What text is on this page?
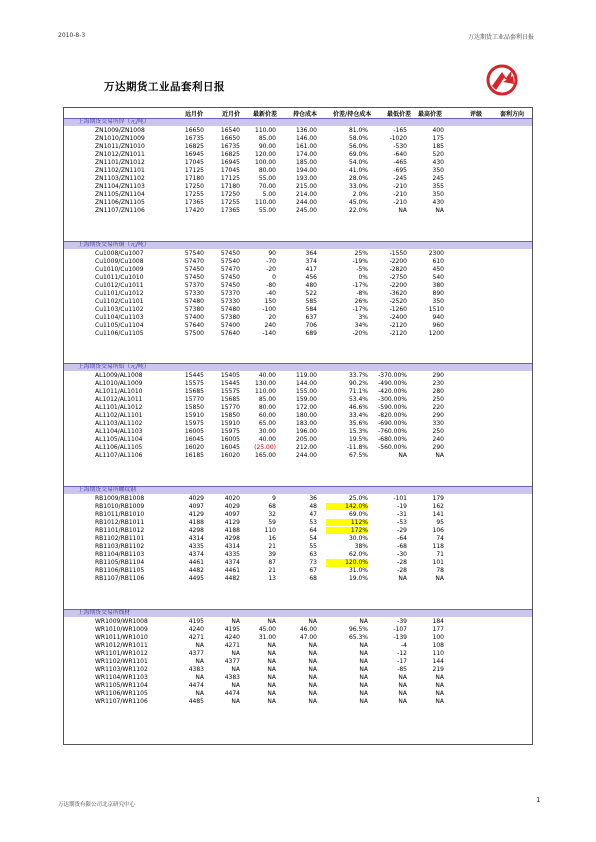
2010-8-3	万达期货工业品套利日报
万达期货工业品套利日报
远月价	近月价 最新价差	持仓成本	价差/持仓成本	最低价差 最高价差	评级	套利方向
上海期货交易所锌（元/吨）
ZN1009/ZN1008	16650	16540	110.00	136.00	81.0%	-165	400
ZN1010/ZN1009	16735	16650	85.00	146.00	58.0%	-1020	175
ZN1011/ZN1010	16825	16735	90.00	161.00	56.0%	-530	185
ZN1012/ZN1011	16945	16825	120.00	174.00	69.0%	-640	520
ZN1101/ZN1012	17045	16945	100.00	185.00	54.0%	-465	430
ZN1102/ZN1101	17125	17045	80.00	194.00	41.0%	-695	350
ZN1103/ZN1102	17180	17125	55.00	193.00	28.0%	-245	245
ZN1104/ZN1103	17250	17180	70.00	215.00	33.0%	-210	355
ZN1105/ZN1104	17255	17250	5.00	214.00	2.0%	-210	350
ZN1106/ZN1105	17365	17255	110.00	244.00	45.0%	-210	430
ZN1107/ZN1106	17420	17365	55.00	245.00	22.0%	NA	NA
上海期货交易所铜（元/吨）
Cu1008/Cu1007	57540	57450	90	364	25%	-1550	2300
Cu1009/Cu1008	57470	57540	-70	374	-19%	-2200	610
Cu1010/Cu1009	57450	57470	-20	417	-5%	-2820	450
Cu1011/Cu1010	57450	57450	0	456	0%	-2750	540
Cu1012/Cu1011	57370	57450	-80	480	-17%	-2200	380
Cu1101/Cu1012	57330	57370	-40	522	-8%	-3620	890
Cu1102/Cu1101	57480	57330	150	585	26%	-2520	350
Cu1103/Cu1102	57380	57480	-100	584	-17%	-1260	1510
Cu1104/Cu1103	57400	57380	20	637	3%	-2400	940
Cu1105/Cu1104	57640	57400	240	706	34%	-2120	960
Cu1106/Cu1105	57500	57640	-140	689	-20%	-2120	1200
上海期货交易所铝（元/吨）
AL1009/AL1008	15445	15405	40.00	119.00	33.7%	-370.00%	290
AL1010/AL1009	15575	15445	130.00	144.00	90.2%	-490.00%	230
AL1011/AL1010	15685	15575	110.00	155.00	71.1%	-420.00%	280
AL1012/AL1011	15770	15685	85.00	159.00	53.4%	-300.00%	250
AL1101/AL1012	15850	15770	80.00	172.00	46.6%	-590.00%	220
AL1102/AL1101	15910	15850	60.00	180.00	33.4%	-820.00%	290
AL1103/AL1102	15975	15910	65.00	183.00	35.6%	-690.00%	330
AL1104/AL1103	16005	15975	30.00	196.00	15.3%	-760.00%	250
AL1105/AL1104	16045	16005	40.00	205.00	19.5%	-680.00%	240
AL1106/AL1105	16020	16045	(25.00)	212.00	-11.8%	-560.00%	290
AL1107/AL1106	16185	16020	165.00	244.00	67.5%	NA	NA
上海期货交易所螺纹钢
RB1009/RB1008	4029	4020	9	36	25.0%	-101	179
RB1010/RB1009	4097	4029	68	48	142.0%	-19	162
RB1011/RB1010	4129	4097	32	47	69.0%	-31	141
RB1012/RB1011	4188	4129	59	53	112%	-53	95
RB1101/RB1012	4298	4188	110	64	172%	-29	106
RB1102/RB1101	4314	4298	16	54	30.0%	-64	74
RB1103/RB1102	4335	4314	21	55	38%	-68	118
RB1104/RB1103	4374	4335	39	63	62.0%	-30	71
RB1105/RB1104	4461	4374	87	73	120.0%	-28	101
RB1106/RB1105	4482	4461	21	67	31.0%	-28	78
RB1107/RB1106	4495	4482	13	68	19.0%	NA	NA
上海期货交易所线材
WR1009/WR1008	4195	NA	NA	NA	NA	-39	184
WR1010/WR1009	4240	4195	45.00	46.00	96.5%	-107	177
WR1011/WR1010	4271	4240	31.00	47.00	65.3%	-139	100
WR1012/WR1011	NA	4271	NA	NA	NA	-4	108
WR1101/WR1012	4377	NA	NA	NA	NA	-12	110
WR1102/WR1101	NA	4377	NA	NA	NA	-17	144
WR1103/WR1102	4383	NA	NA	NA	NA	-85	219
WR1104/WR1103	NA	4383	NA	NA	NA	NA	NA
WR1105/WR1104	4474	NA	NA	NA	NA	NA	NA
WR1106/WR1105	NA	4474	NA	NA	NA	NA	NA
WR1107/WR1106	4485	NA	NA	NA	NA	NA	NA
万达期货有限公司北京研究中心
1
